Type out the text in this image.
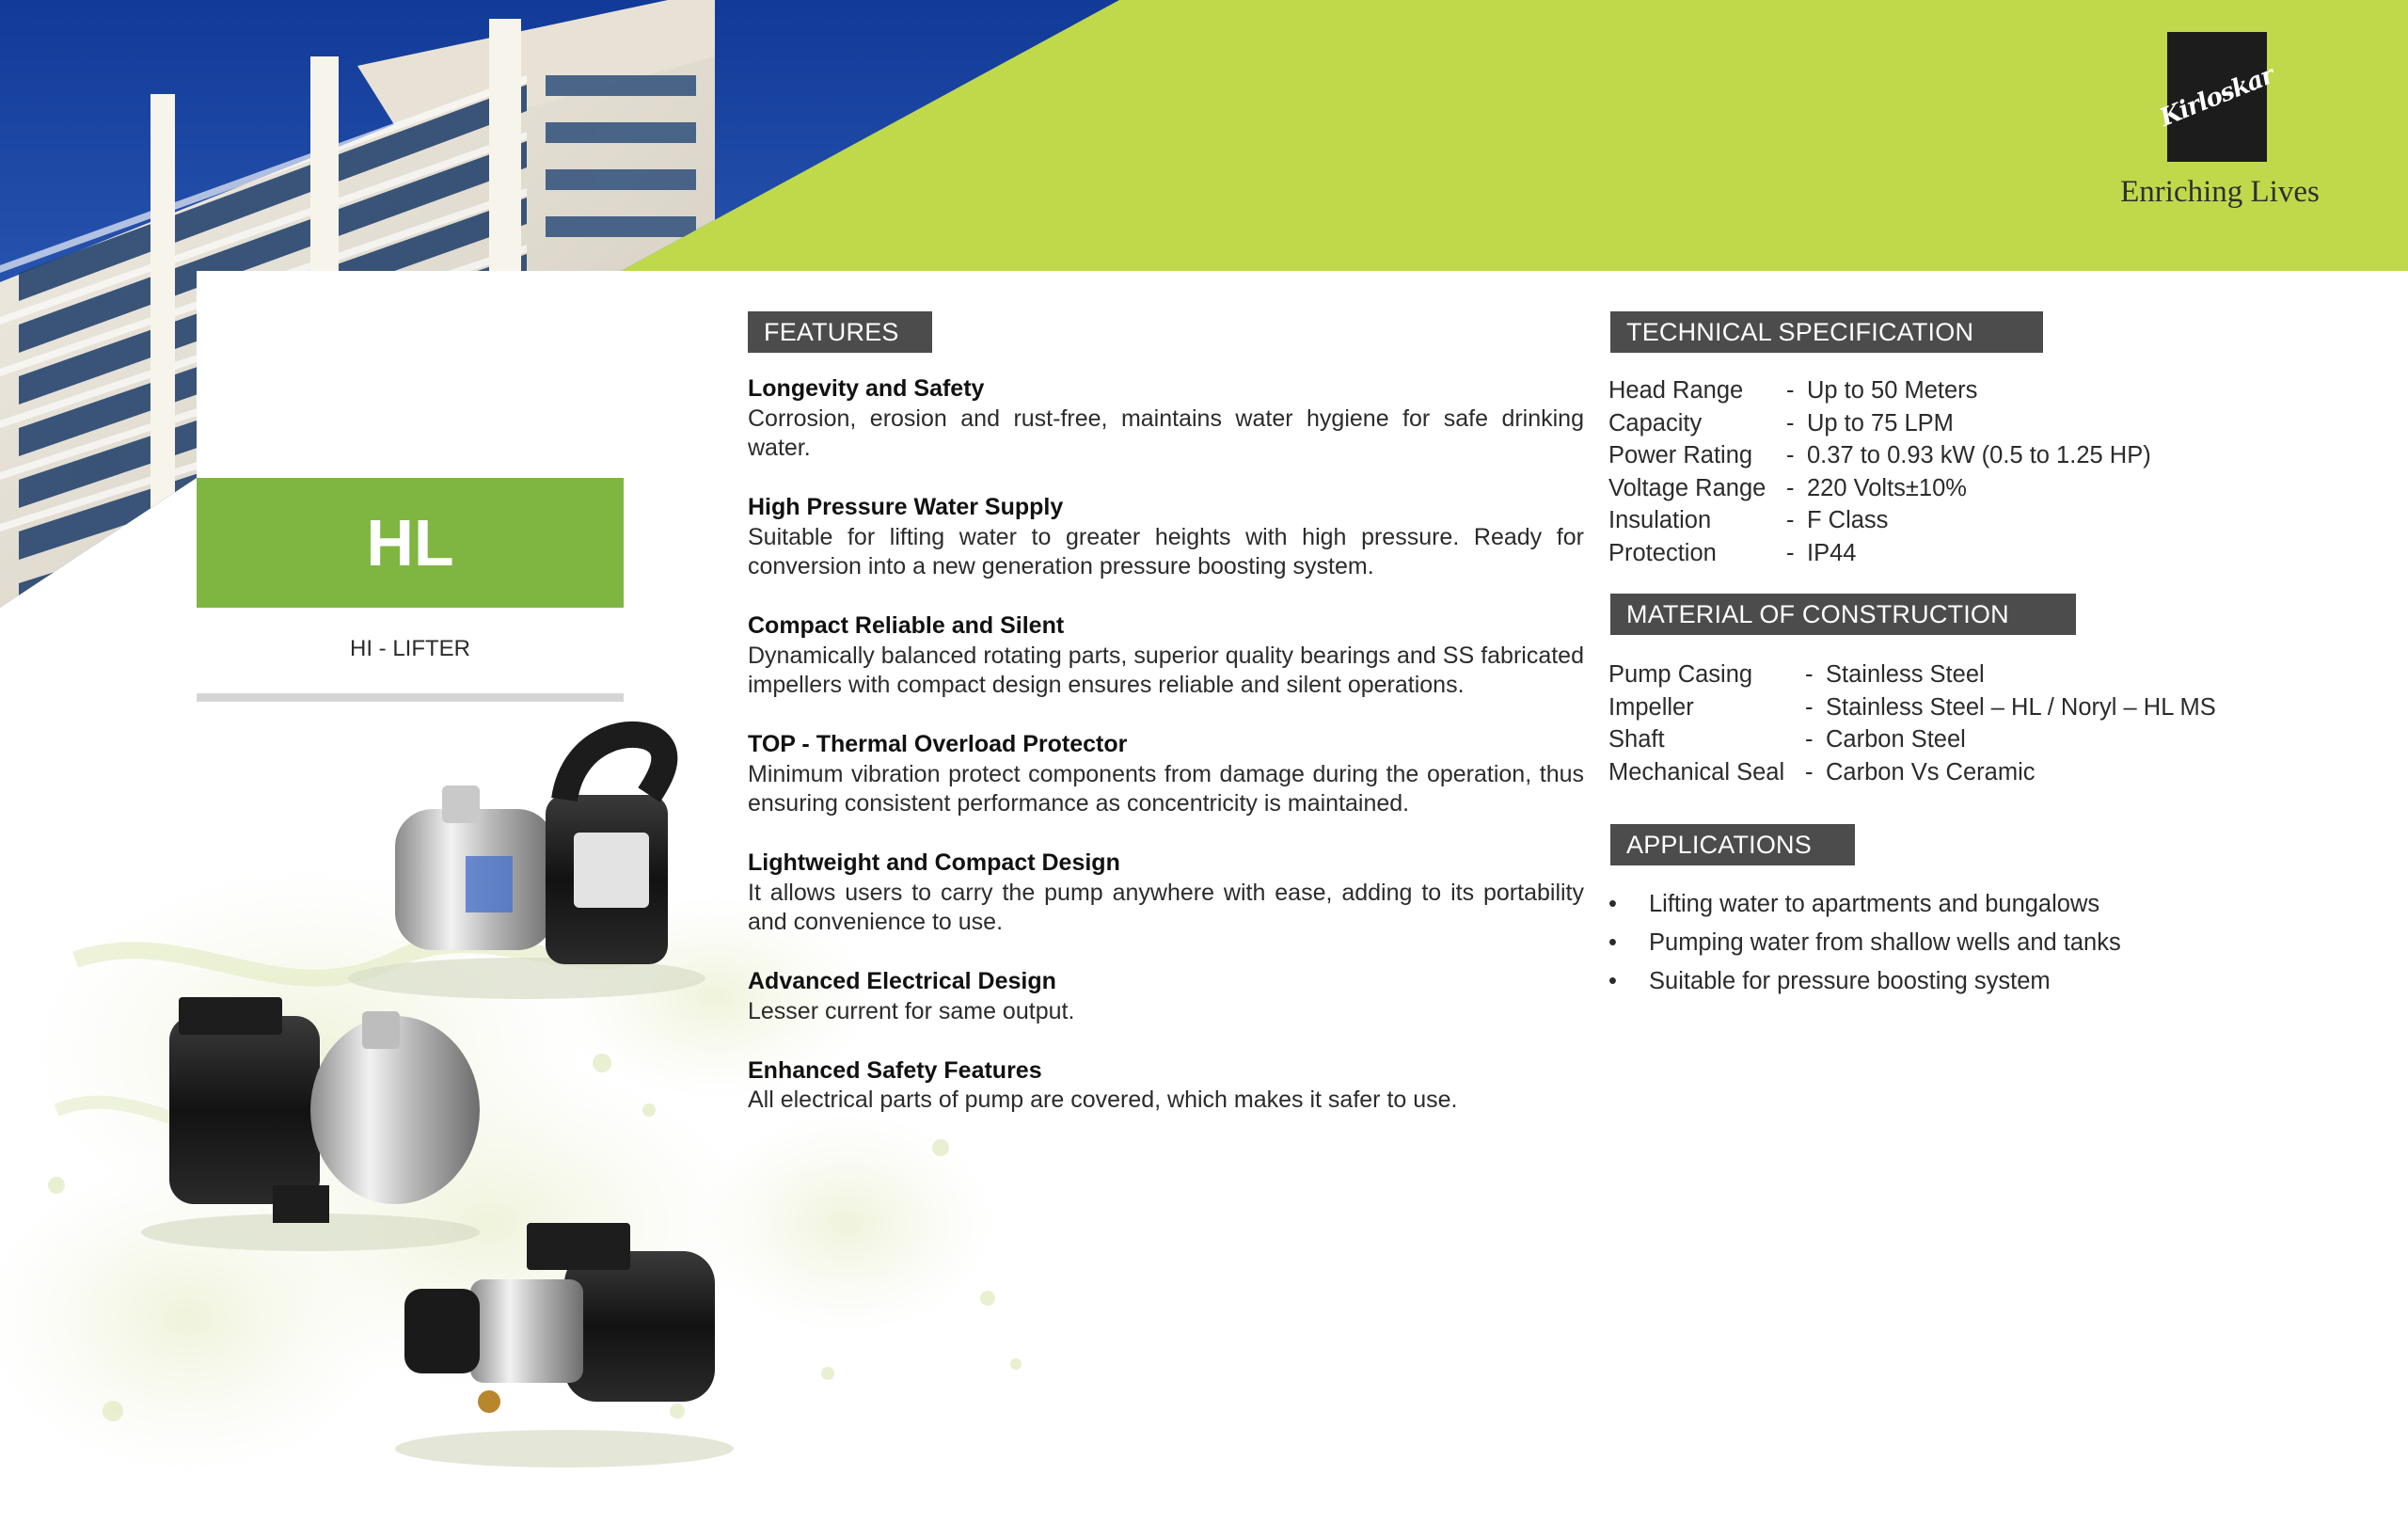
Kirloskar
Enriching Lives
HL
HI - LIFTER
FEATURES
Longevity and Safety
Corrosion, erosion and rust-free, maintains water hygiene for safe drinking water.
High Pressure Water Supply
Suitable for lifting water to greater heights with high pressure. Ready for conversion into a new generation pressure boosting system.
Compact Reliable and Silent
Dynamically balanced rotating parts, superior quality bearings and SS fabricated impellers with compact design ensures reliable and silent operations.
TOP - Thermal Overload Protector
Minimum vibration protect components from damage during the operation, thus ensuring consistent performance as concentricity is maintained.
Lightweight and Compact Design
It allows users to carry the pump anywhere with ease, adding to its portability and convenience to use.
Advanced Electrical Design
Lesser current for same output.
Enhanced Safety Features
All electrical parts of pump are covered, which makes it safer to use.
TECHNICAL SPECIFICATION
Head Range	- Up to 50 Meters
Capacity	- Up to 75 LPM
Power Rating	- 0.37 to 0.93 kW (0.5 to 1.25 HP)
Voltage Range - 220 Volts±10%
Insulation	- F Class
Protection	- IP44
MATERIAL OF CONSTRUCTION
Pump Casing	- Stainless Steel
Impeller	- Stainless Steel – HL / Noryl – HL MS
Shaft	- Carbon Steel
Mechanical Seal - Carbon Vs Ceramic
APPLICATIONS
•	Lifting water to apartments and bungalows
•	Pumping water from shallow wells and tanks
•	Suitable for pressure boosting system
